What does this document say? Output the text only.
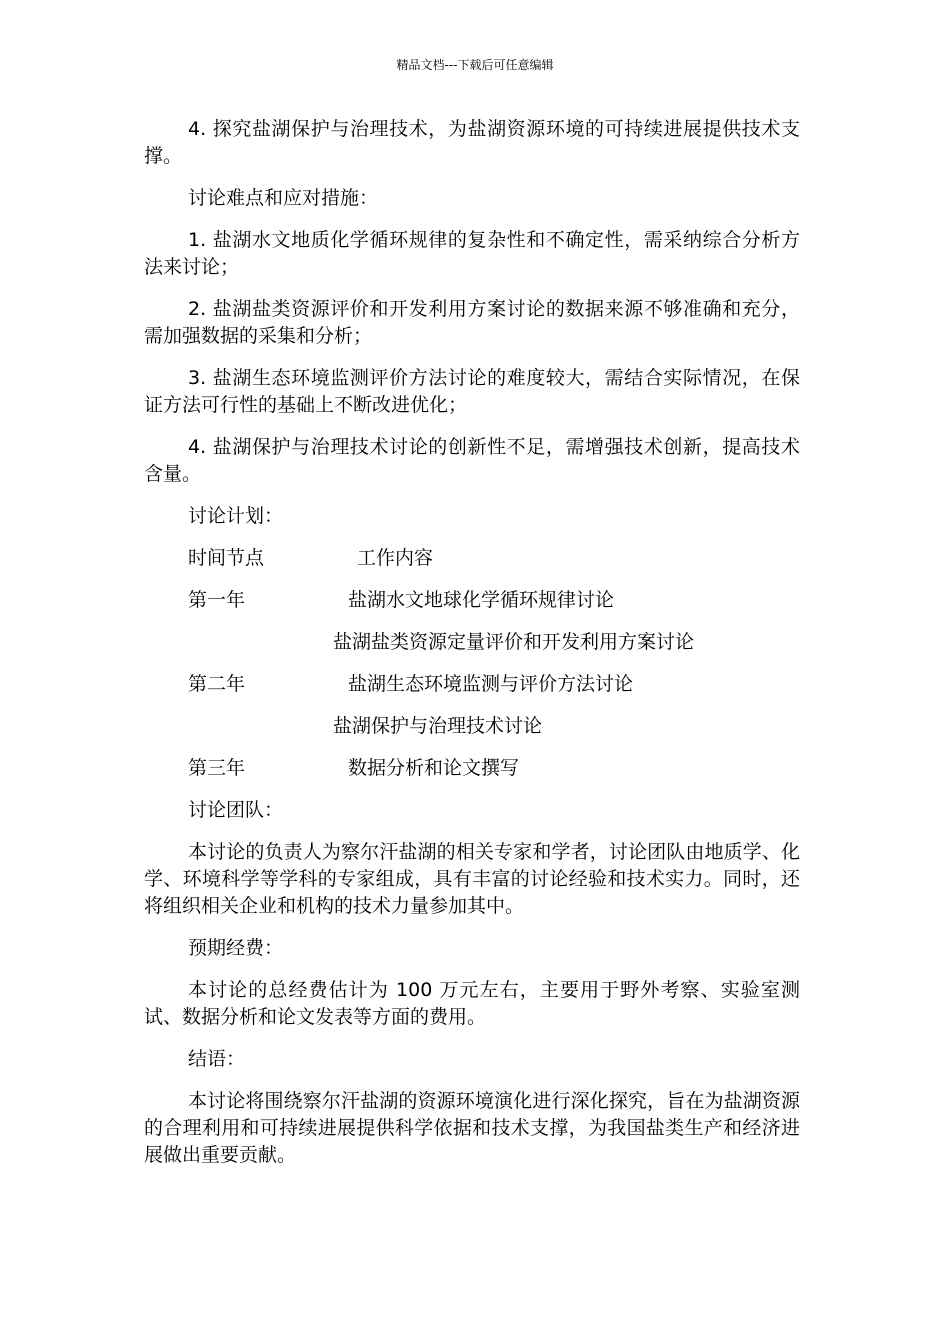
精品文档---下载后可任意编辑

4. 探究盐湖保护与治理技术，为盐湖资源环境的可持续进展提供技术支撑。

讨论难点和应对措施：

1. 盐湖水文地质化学循环规律的复杂性和不确定性，需采纳综合分析方法来讨论；

2. 盐湖盐类资源评价和开发利用方案讨论的数据来源不够准确和充分，需加强数据的采集和分析；

3. 盐湖生态环境监测评价方法讨论的难度较大，需结合实际情况，在保证方法可行性的基础上不断改进优化；

4. 盐湖保护与治理技术讨论的创新性不足，需增强技术创新，提高技术含量。

讨论计划：

时间节点	工作内容
第一年	盐湖水文地球化学循环规律讨论
盐湖盐类资源定量评价和开发利用方案讨论
第二年	盐湖生态环境监测与评价方法讨论
盐湖保护与治理技术讨论
第三年	数据分析和论文撰写

讨论团队：

本讨论的负责人为察尔汗盐湖的相关专家和学者，讨论团队由地质学、化学、环境科学等学科的专家组成，具有丰富的讨论经验和技术实力。同时，还将组织相关企业和机构的技术力量参加其中。

预期经费：

本讨论的总经费估计为 100 万元左右，主要用于野外考察、实验室测试、数据分析和论文发表等方面的费用。

结语：

本讨论将围绕察尔汗盐湖的资源环境演化进行深化探究，旨在为盐湖资源的合理利用和可持续进展提供科学依据和技术支撑，为我国盐类生产和经济进展做出重要贡献。
